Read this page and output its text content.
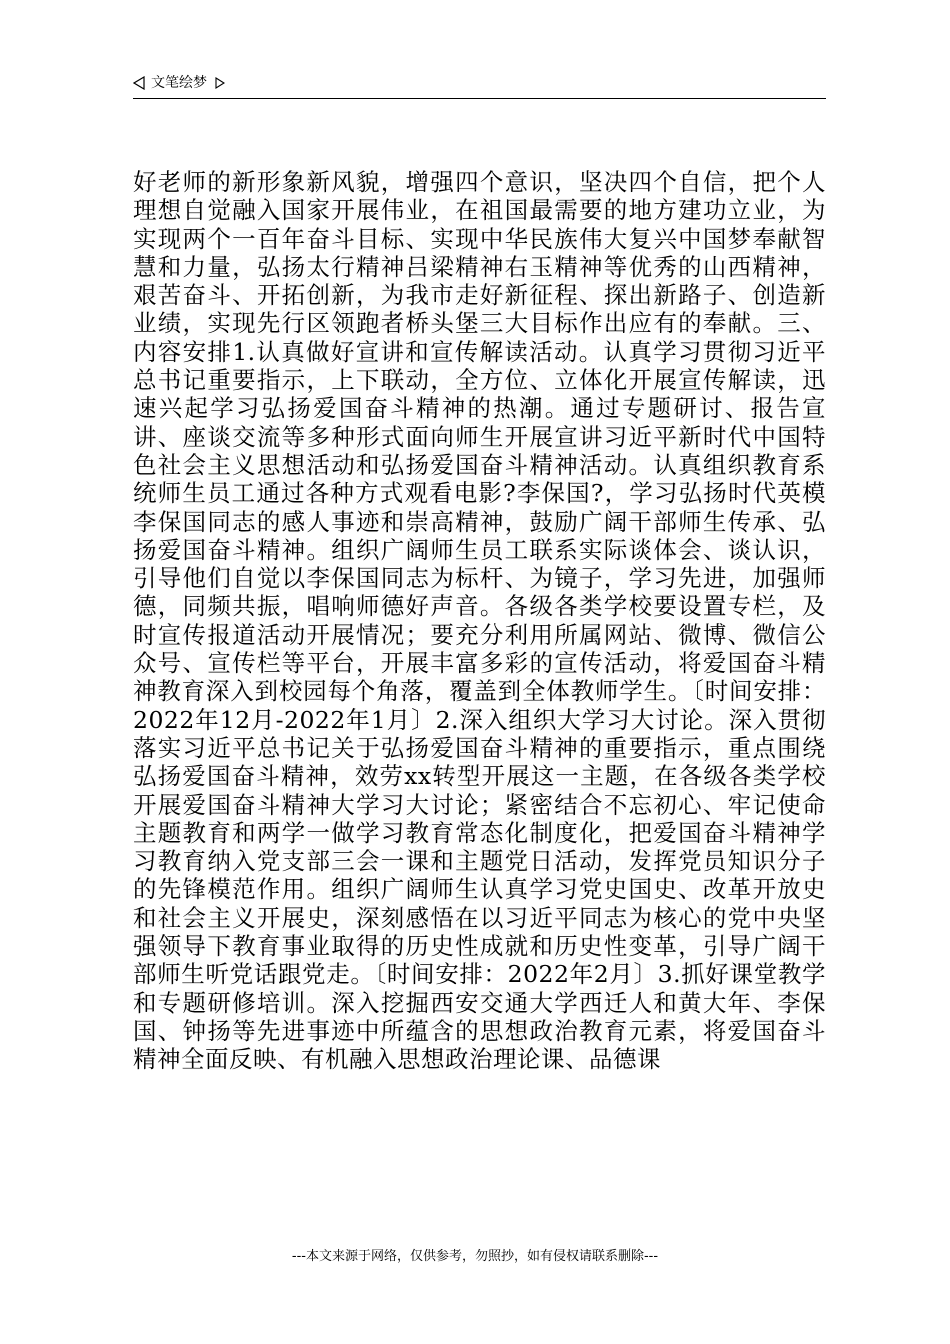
文笔绘梦

好老师的新形象新风貌，增强四个意识，坚决四个自信，把个人理想自觉融入国家开展伟业，在祖国最需要的地方建功立业，为实现两个一百年奋斗目标、实现中华民族伟大复兴中国梦奉献智慧和力量，弘扬太行精神吕梁精神右玉精神等优秀的山西精神，艰苦奋斗、开拓创新，为我市走好新征程、探出新路子、创造新业绩，实现先行区领跑者桥头堡三大目标作出应有的奉献。三、内容安排1.认真做好宣讲和宣传解读活动。认真学习贯彻习近平总书记重要指示，上下联动，全方位、立体化开展宣传解读，迅速兴起学习弘扬爱国奋斗精神的热潮。通过专题研讨、报告宣讲、座谈交流等多种形式面向师生开展宣讲习近平新时代中国特色社会主义思想活动和弘扬爱国奋斗精神活动。认真组织教育系统师生员工通过各种方式观看电影?李保国?，学习弘扬时代英模李保国同志的感人事迹和崇高精神，鼓励广阔干部师生传承、弘扬爱国奋斗精神。组织广阔师生员工联系实际谈体会、谈认识，引导他们自觉以李保国同志为标杆、为镜子，学习先进，加强师德，同频共振，唱响师德好声音。各级各类学校要设置专栏，及时宣传报道活动开展情况；要充分利用所属网站、微博、微信公众号、宣传栏等平台，开展丰富多彩的宣传活动，将爱国奋斗精神教育深入到校园每个角落，覆盖到全体教师学生。〔时间安排：2022年12月-2022年1月〕2.深入组织大学习大讨论。深入贯彻落实习近平总书记关于弘扬爱国奋斗精神的重要指示，重点围绕弘扬爱国奋斗精神，效劳xx转型开展这一主题，在各级各类学校开展爱国奋斗精神大学习大讨论；紧密结合不忘初心、牢记使命主题教育和两学一做学习教育常态化制度化，把爱国奋斗精神学习教育纳入党支部三会一课和主题党日活动，发挥党员知识分子的先锋模范作用。组织广阔师生认真学习党史国史、改革开放史和社会主义开展史，深刻感悟在以习近平同志为核心的党中央坚强领导下教育事业取得的历史性成就和历史性变革，引导广阔干部师生听党话跟党走。〔时间安排：2022年2月〕3.抓好课堂教学和专题研修培训。深入挖掘西安交通大学西迁人和黄大年、李保国、钟扬等先进事迹中所蕴含的思想政治教育元素，将爱国奋斗精神全面反映、有机融入思想政治理论课、品德课

---本文来源于网络，仅供参考，勿照抄，如有侵权请联系删除---
